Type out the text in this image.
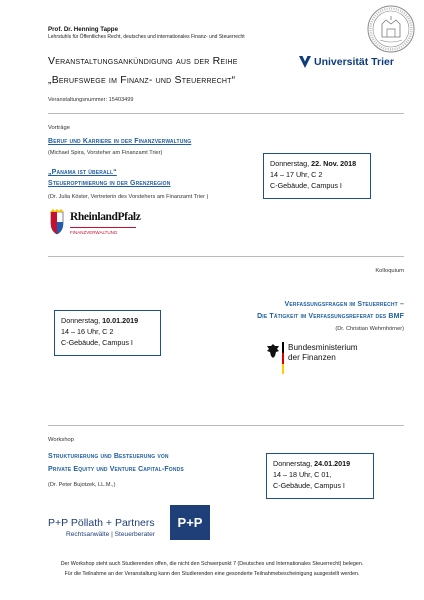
Prof. Dr. Henning Tappe
Lehrstuhls für Öffentliches Recht, deutsches und internationales Finanz- und Steuerrecht
Veranstaltungsankündigung aus der Reihe
„Berufswege im Finanz- und Steuerrecht“
Veranstaltungsnummer: 15403499
Universität Trier
Vorträge
Beruf und Karriere in der Finanzverwaltung
(Michael Spira, Vorsteher am Finanzamt Trier)
„Panama ist überall“
Steueroptimierung in der Grenzregion
(Dr. Julia Köster, Vertreterin des Vorstehers am Finanzamt Trier )
Donnerstag, 22. Nov. 2018
14 – 17 Uhr, C 2
C-Gebäude, Campus I
RheinlandPfalz
FINANZVERWALTUNG
Kolloquium
Verfassungsfragen im Steuerrecht –
Die Tätigkeit im Verfassungsreferat des BMF
(Dr. Christian Wehrnhörner)
Donnerstag, 10.01.2019
14 – 16 Uhr, C 2
C-Gebäude, Campus I
Bundesministerium
der Finanzen
Workshop
Strukturierung und Besteuerung von
Private Equity und Venture Capital-Fonds
(Dr. Peter Bujotzek, LL.M.,)
Donnerstag, 24.01.2019
14 – 18 Uhr, C 01,
C-Gebäude, Campus I
P+P Pöllath + Partners
Rechtsanwälte | Steuerberater
P+P
Der Workshop steht auch Studierenden offen, die nicht den Schwerpunkt 7 (Deutsches und Internationales Steuerrecht) belegen.
Für die Teilnahme an der Veranstaltung kann den Studierenden eine gesonderte Teilnahmebescheinigung ausgestellt werden.
